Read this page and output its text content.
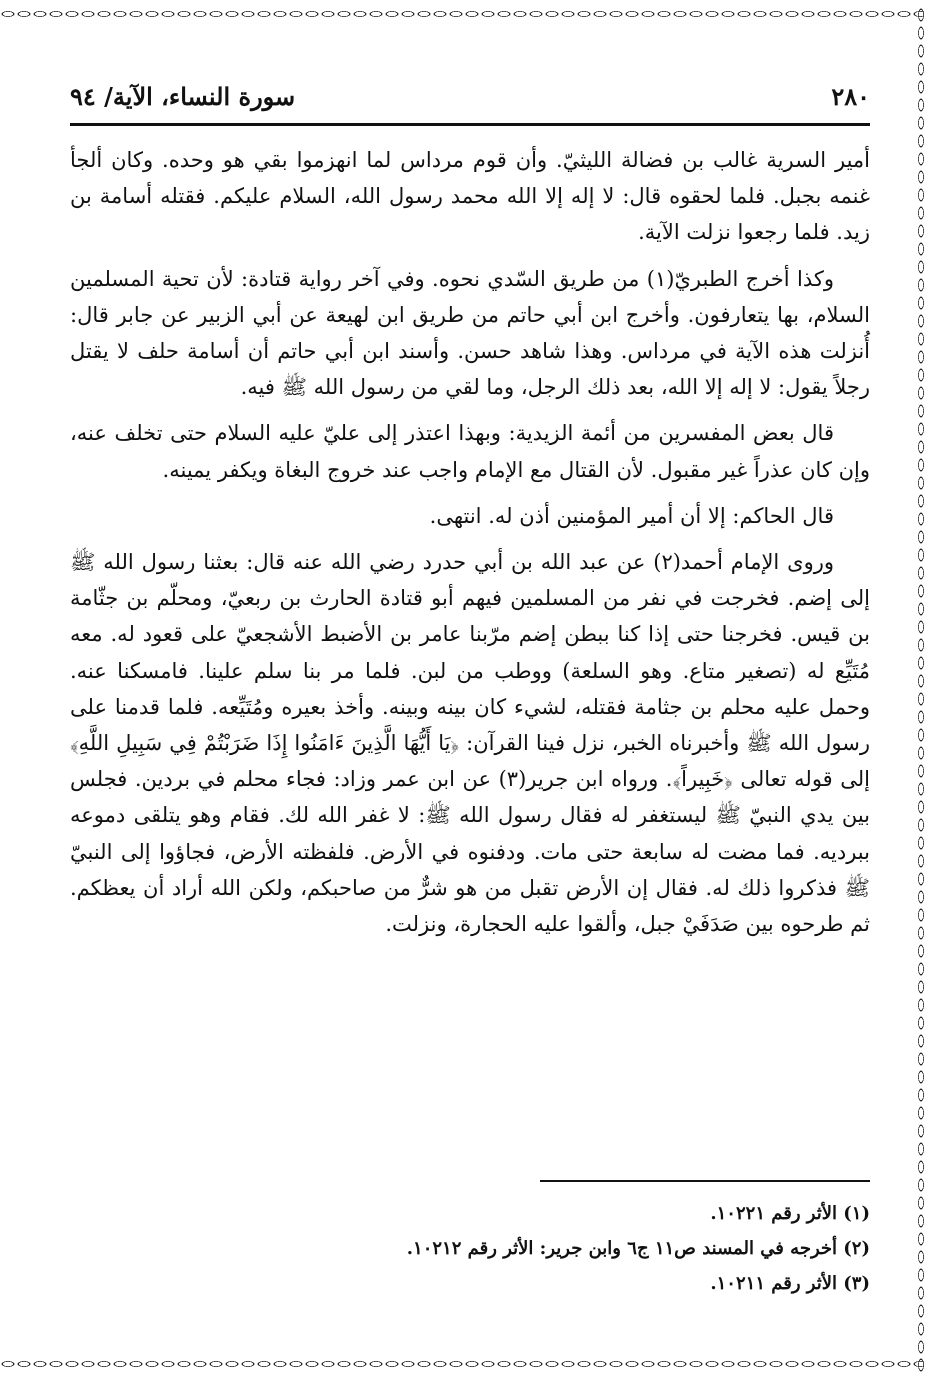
٢٨٠
سورة النساء، الآية/ ٩٤

أمير السرية غالب بن فضالة الليثيّ. وأن قوم مرداس لما انهزموا بقي هو وحده. وكان ألجأ غنمه بجبل. فلما لحقوه قال: لا إله إلا الله محمد رسول الله، السلام عليكم. فقتله أسامة بن زيد. فلما رجعوا نزلت الآية.

وكذا أخرج الطبريّ(١) من طريق السّدي نحوه. وفي آخر رواية قتادة: لأن تحية المسلمين السلام، بها يتعارفون. وأخرج ابن أبي حاتم من طريق ابن لهيعة عن أبي الزبير عن جابر قال: أُنزلت هذه الآية في مرداس. وهذا شاهد حسن. وأسند ابن أبي حاتم أن أسامة حلف لا يقتل رجلاً يقول: لا إله إلا الله، بعد ذلك الرجل، وما لقي من رسول الله ﷺ فيه.

قال بعض المفسرين من أئمة الزيدية: وبهذا اعتذر إلى عليّ عليه السلام حتى تخلف عنه، وإن كان عذراً غير مقبول. لأن القتال مع الإمام واجب عند خروج البغاة ويكفر يمينه.

قال الحاكم: إلا أن أمير المؤمنين أذن له. انتهى.

وروى الإمام أحمد(٢) عن عبد الله بن أبي حدرد رضي الله عنه قال: بعثنا رسول الله ﷺ إلى إضم. فخرجت في نفر من المسلمين فيهم أبو قتادة الحارث بن ربعيّ، ومحلّم بن جثّامة بن قيس. فخرجنا حتى إذا كنا ببطن إضم مرّبنا عامر بن الأضبط الأشجعيّ على قعود له. معه مُتَيِّع له (تصغير متاع. وهو السلعة) ووطب من لبن. فلما مر بنا سلم علينا. فامسكنا عنه. وحمل عليه محلم بن جثامة فقتله، لشيء كان بينه وبينه. وأخذ بعيره ومُتَيِّعه. فلما قدمنا على رسول الله ﷺ وأخبرناه الخبر، نزل فينا القرآن: ﴿يَا أَيُّهَا الَّذِينَ ءَامَنُوا إِذَا ضَرَبْتُمْ فِي سَبِيلِ اللَّهِ﴾ إلى قوله تعالى ﴿خَبِيراً﴾. ورواه ابن جرير(٣) عن ابن عمر وزاد: فجاء محلم في بردين. فجلس بين يدي النبيّ ﷺ ليستغفر له فقال رسول الله ﷺ: لا غفر الله لك. فقام وهو يتلقى دموعه ببرديه. فما مضت له سابعة حتى مات. ودفنوه في الأرض. فلفظته الأرض، فجاؤوا إلى النبيّ ﷺ فذكروا ذلك له. فقال إن الأرض تقبل من هو شرٌّ من صاحبكم، ولكن الله أراد أن يعظكم. ثم طرحوه بين صَدَفَيْ جبل، وألقوا عليه الحجارة، ونزلت.

(١) الأثر رقم ١٠٢٢١.
(٢) أخرجه في المسند ص١١ ج٦ وابن جرير: الأثر رقم ١٠٢١٢.
(٣) الأثر رقم ١٠٢١١.
